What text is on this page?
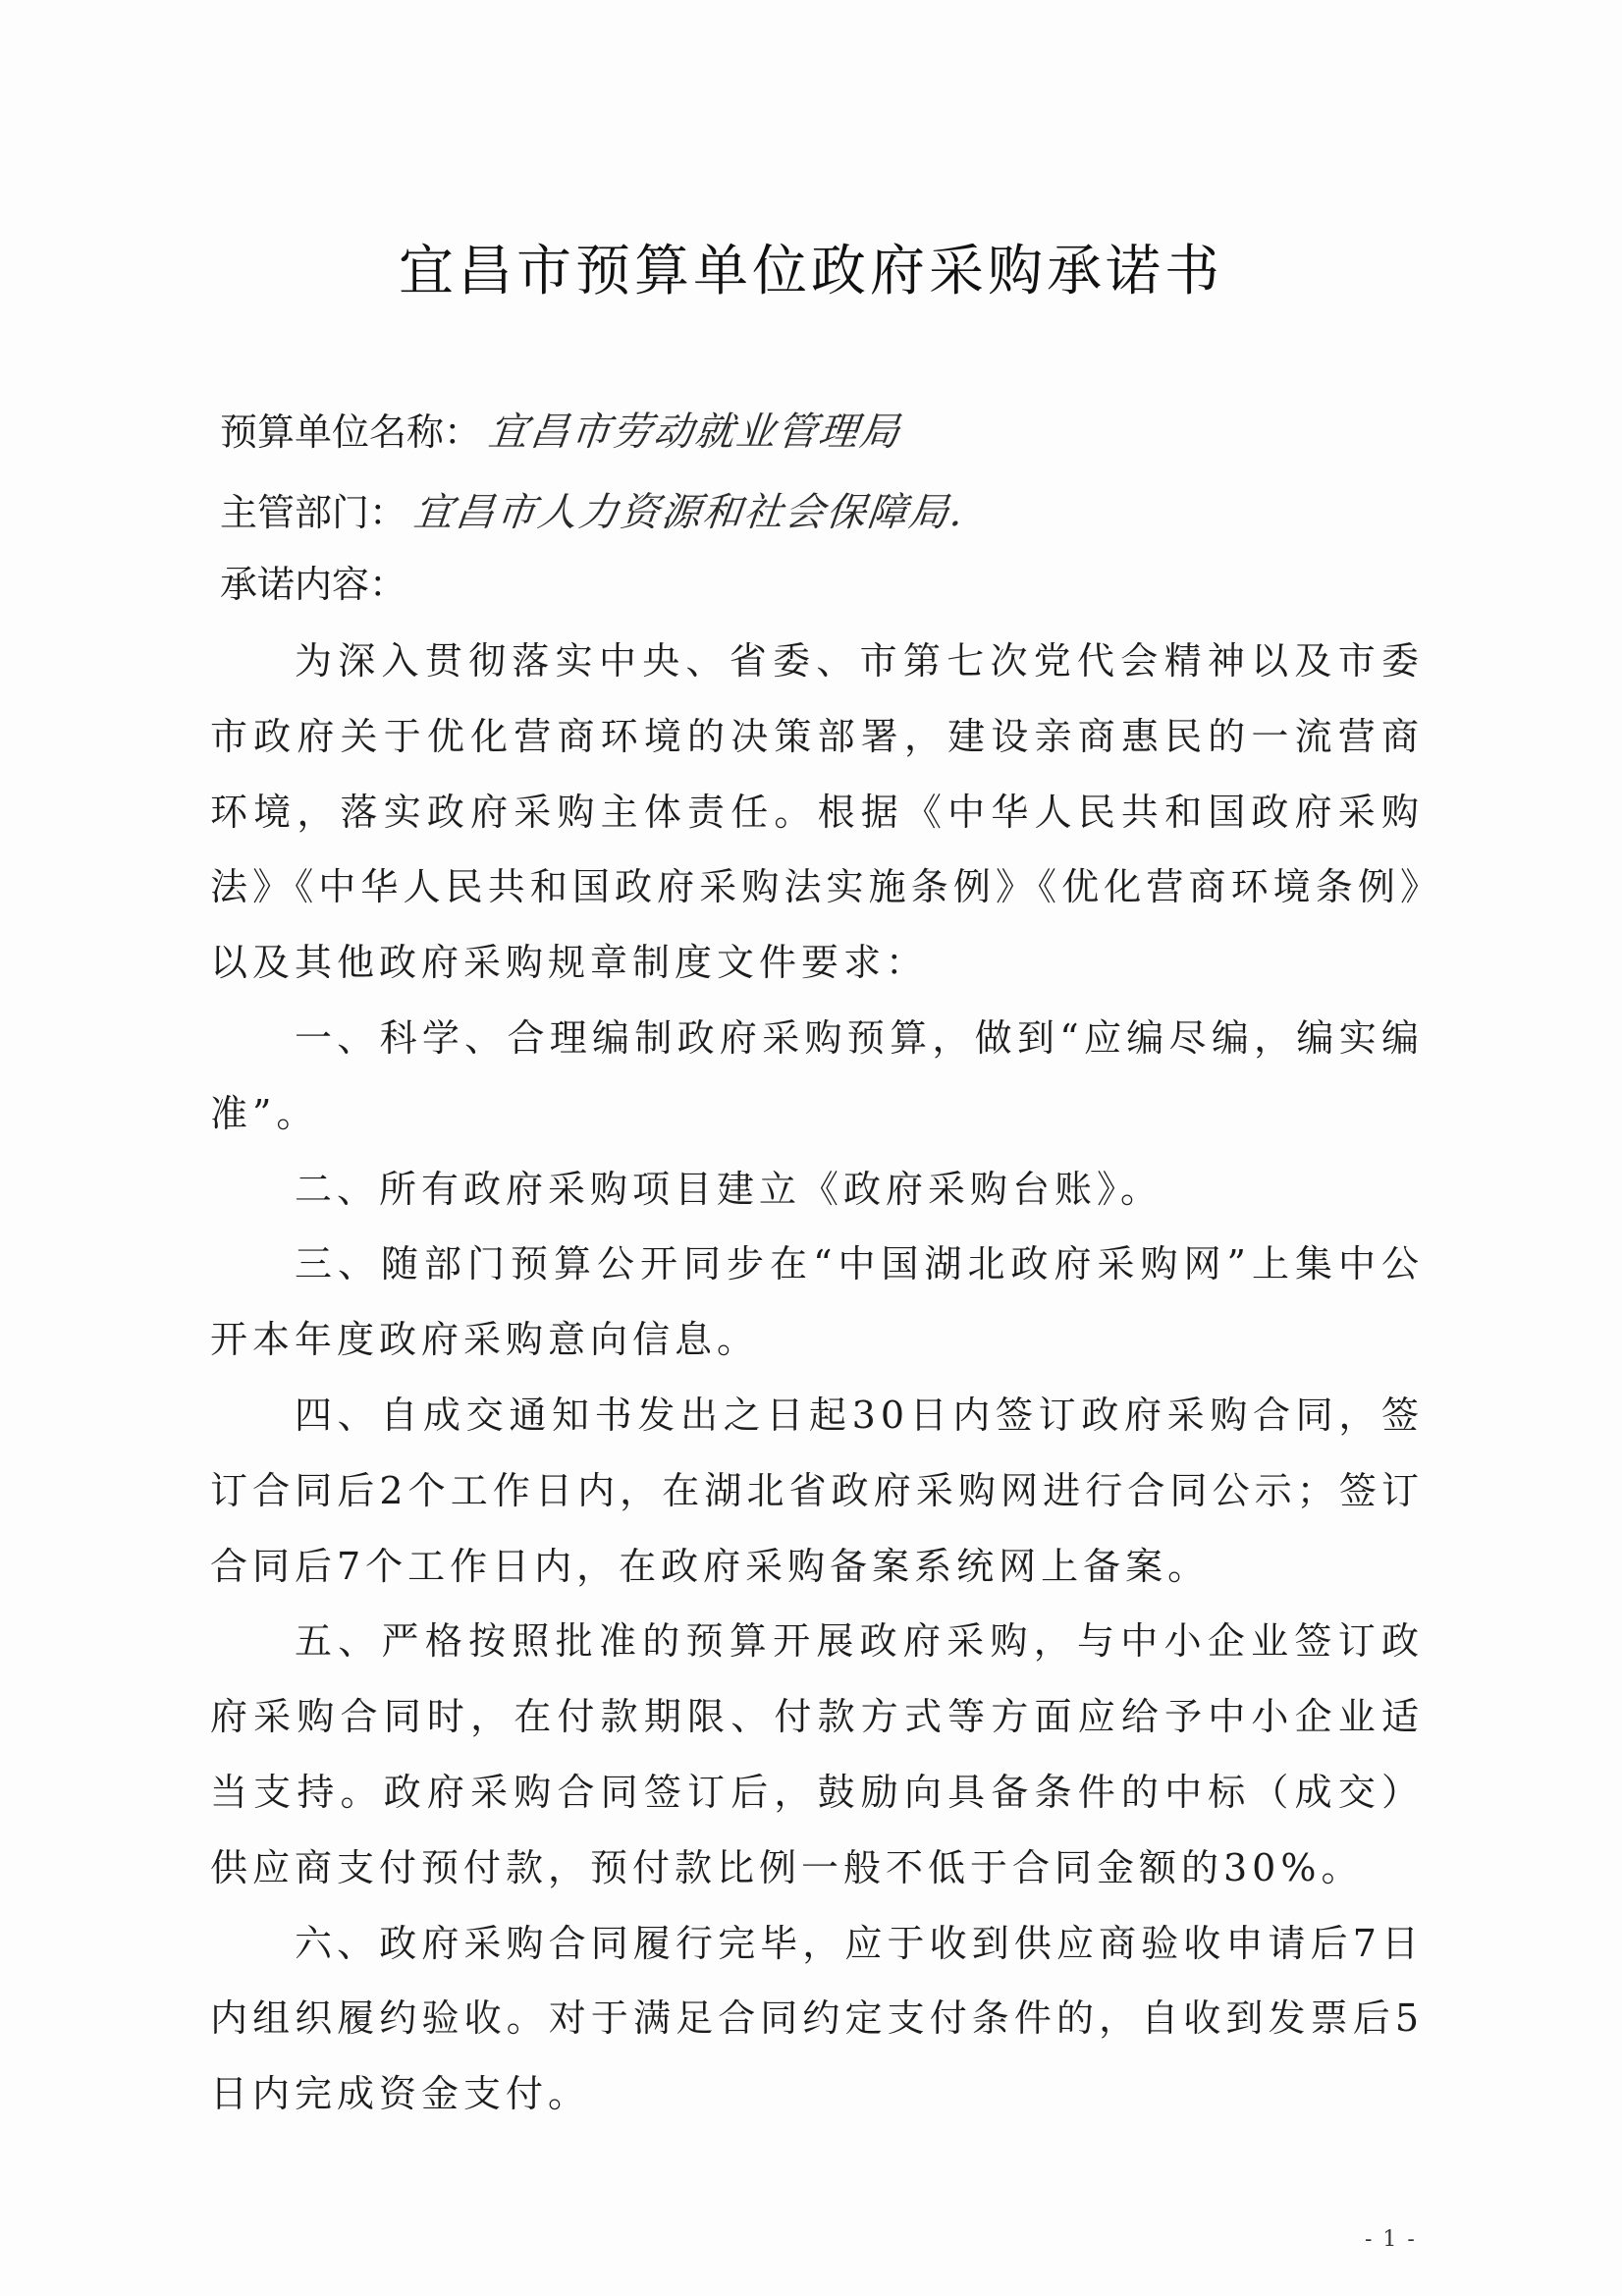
宜昌市预算单位政府采购承诺书
预算单位名称： 宜昌市劳动就业管理局
主管部门： 宜昌市人力资源和社会保障局.
承诺内容：

为深入贯彻落实中央、省委、市第七次党代会精神以及市委市政府关于优化营商环境的决策部署，建设亲商惠民的一流营商环境，落实政府采购主体责任。根据《中华人民共和国政府采购法》《中华人民共和国政府采购法实施条例》《优化营商环境条例》以及其他政府采购规章制度文件要求：

一、科学、合理编制政府采购预算，做到“应编尽编，编实编准”。

二、所有政府采购项目建立《政府采购台账》。

三、随部门预算公开同步在“中国湖北政府采购网”上集中公开本年度政府采购意向信息。

四、自成交通知书发出之日起30日内签订政府采购合同，签订合同后2个工作日内，在湖北省政府采购网进行合同公示；签订合同后7个工作日内，在政府采购备案系统网上备案。

五、严格按照批准的预算开展政府采购，与中小企业签订政府采购合同时，在付款期限、付款方式等方面应给予中小企业适当支持。政府采购合同签订后，鼓励向具备条件的中标（成交）供应商支付预付款，预付款比例一般不低于合同金额的30%。

六、政府采购合同履行完毕，应于收到供应商验收申请后7日内组织履约验收。对于满足合同约定支付条件的，自收到发票后5日内完成资金支付。

- 1 -
